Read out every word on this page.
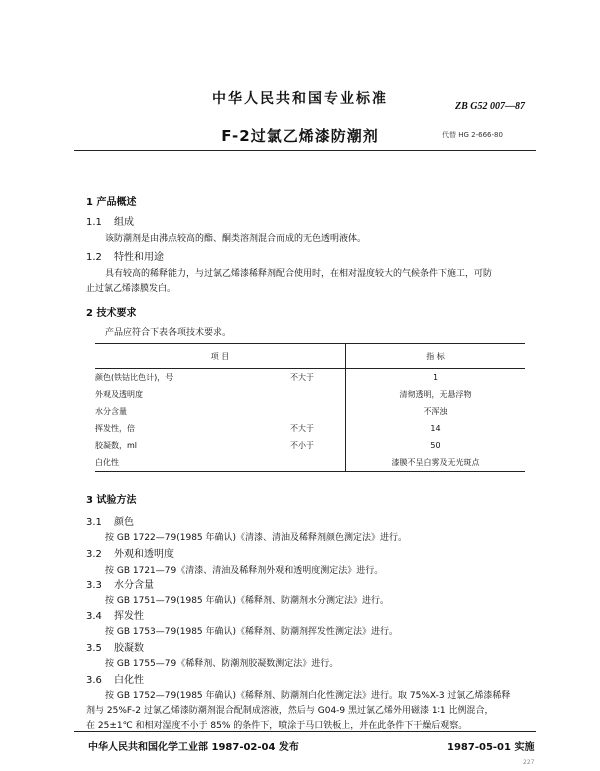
中华人民共和国专业标准	ZB G52 007—87
F-2过氯乙烯漆防潮剂	代替 HG 2-666-80
1 产品概述
1.1 组成
该防潮剂是由沸点较高的酯、酮类溶剂混合而成的无色透明液体。
1.2 特性和用途
具有较高的稀释能力，与过氯乙烯漆稀释剂配合使用时，在相对湿度较大的气候条件下施工，可防
止过氯乙烯漆膜发白。
2 技术要求
产品应符合下表各项技术要求。
项 目		指 标
颜色(铁钴比色计)，号	不大于	1
外观及透明度		清彻透明，无悬浮物
水分含量		不浑浊
挥发性，倍	不大于	14
胶凝数，ml	不小于	50
白化性		漆膜不呈白雾及无光斑点
3 试验方法
3.1 颜色
按 GB 1722—79(1985 年确认)《清漆、清油及稀释剂颜色测定法》进行。
3.2 外观和透明度
按 GB 1721—79《清漆、清油及稀释剂外观和透明度测定法》进行。
3.3 水分含量
按 GB 1751—79(1985 年确认)《稀释剂、防潮剂水分测定法》进行。
3.4 挥发性
按 GB 1753—79(1985 年确认)《稀释剂、防潮剂挥发性测定法》进行。
3.5 胶凝数
按 GB 1755—79《稀释剂、防潮剂胶凝数测定法》进行。
3.6 白化性
按 GB 1752—79(1985 年确认)《稀释剂、防潮剂白化性测定法》进行。取 75%X-3 过氯乙烯漆稀释
剂与 25%F-2 过氯乙烯漆防潮剂混合配制成溶液，然后与 G04-9 黑过氯乙烯外用磁漆 1∶1 比例混合，
在 25±1℃ 和相对湿度不小于 85% 的条件下，喷涂于马口铁板上，并在此条件下干燥后观察。
中华人民共和国化学工业部 1987-02-04 发布	1987-05-01 实施
227
